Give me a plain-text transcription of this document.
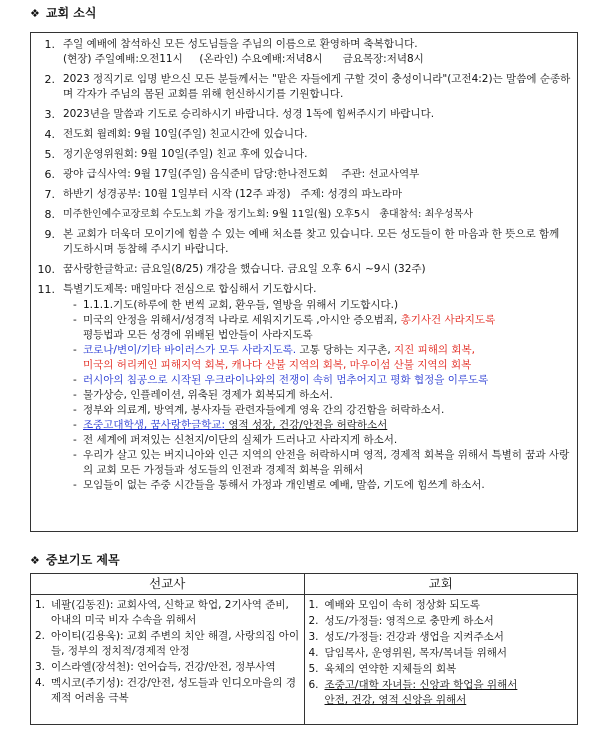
❖ 교회 소식
1. 주일 예배에 참석하신 모든 성도님들을 주님의 이름으로 환영하며 축복합니다.
(현장) 주일예배:오전11시     (온라인) 수요예배:저녁8시      금요목장:저녁8시
2. 2023 정직기로 임명 받으신 모든 분들께서는 "맡은 자들에게 구할 것이 충성이니라"(고전4:2)는 말씀에 순종하며 각자가 주님의 몸된 교회를 위해 헌신하시기를 기원합니다.
3. 2023년을 말씀과 기도로 승리하시기 바랍니다. 성경 1독에 힘써주시기 바랍니다.
4. 전도회 월례회: 9월 10일(주일) 친교시간에 있습니다.
5. 정기운영위원회: 9월 10일(주일) 친교 후에 있습니다.
6. 광야 급식사역: 9월 17일(주일) 음식준비 담당:한나전도회    주관: 선교사역부
7. 하반기 성경공부: 10월 1일부터 시작 (12주 과정)   주제: 성경의 파노라마
8. 미주한인예수교장로회 수도노회 가을 정기노회: 9월 11일(월) 오후5시   총대참석: 최우성목사
9. 본 교회가 더욱더 모이기에 힘쓸 수 있는 예배 처소를 찾고 있습니다. 모든 성도들이 한 마음과 한 뜻으로 함께 기도하시며 동참해 주시기 바랍니다.
10. 꿈사랑한글학교: 금요일(8/25) 개강을 했습니다. 금요일 오후 6시 ~9시 (32주)
11. 특별기도제목: 매일마다 전심으로 합심해서 기도합시다.
- 1.1.1.기도(하루에 한 번씩 교회, 환우들, 열방을 위해서 기도합시다.)
- 미국의 안정을 위해서/성경적 나라로 세워지기도록 ,아시안 증오범죄, 총기사건 사라지도록
평등법과 모든 성경에 위배된 법안들이 사라지도록
- 코로나/변이/기타 바이러스가 모두 사라지도록. 고통 당하는 지구촌, 지진 피해의 회복,
미국의 허리케인 피해지역 회복, 캐나다 산불 지역의 회복, 마우이섬 산불 지역의 회복
- 러시아의 침공으로 시작된 우크라이나와의 전쟁이 속히 멈추어지고 평화 협정을 이루도록
- 물가상승, 인플레이션, 위축된 경제가 회복되게 하소서.
- 정부와 의료계, 방역계, 봉사자들 관련자들에게 영육 간의 강건함을 허락하소서.
- 조중고대학생, 꿈사랑한글학교: 영적 성장, 건강/안전을 허락하소서
- 전 세계에 퍼져있는 신천지/이단의 실체가 드러나고 사라지게 하소서.
- 우리가 살고 있는 버지니아와 인근 지역의 안전을 허락하시며 영적, 경제적 회복을 위해서 특별히 꿈과 사랑의 교회 모든 가정들과 성도들의 인전과 경제적 회복을 위해서
- 모임들이 없는 주중 시간들을 통해서 가정과 개인별로 예배, 말씀, 기도에 힘쓰게 하소서.
❖ 중보기도 제목
선교사
1. 네팔(김동진): 교회사역, 신학교 학업, 2기사역 준비, 아내의 미국 비자 수속을 위해서
2. 아이티(김용욱): 교회 주변의 치안 해결, 사랑의집 아이들, 정부의 정치적/경제적 안정
3. 이스라엘(장석천): 언어습득, 건강/안전, 정부사역
4. 멕시코(주기성): 건강/안전, 성도들과 인디오마을의 경제적 어려움 극복
교회
1. 예배와 모임이 속히 정상화 되도록
2. 성도/가정들: 영적으로 충만케 하소서
3. 성도/가정들: 건강과 생업을 지켜주소서
4. 담임목사, 운영위원, 목자/목녀들 위해서
5. 육체의 연약한 지체들의 회복
6. 조중고/대학 자녀들: 신앙과 학업을 위해서
안전, 건강, 영적 신앙을 위해서
